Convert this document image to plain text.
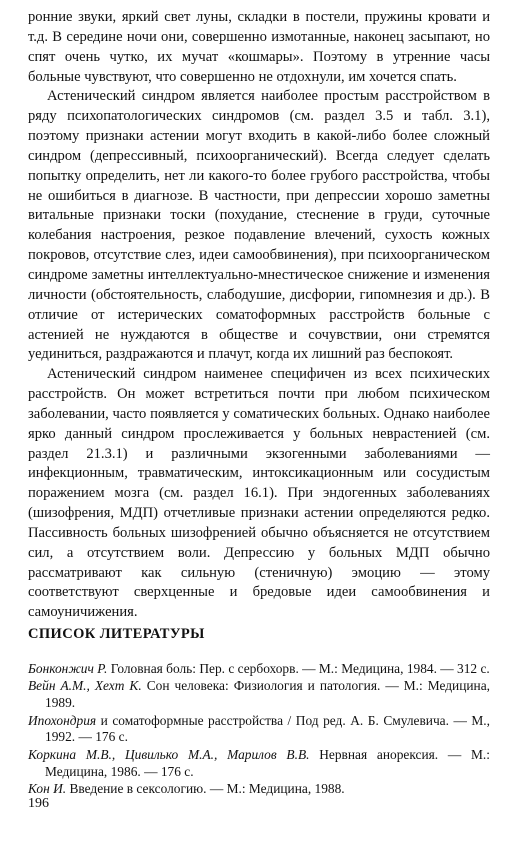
ронние звуки, яркий свет луны, складки в постели, пружины кровати и т.д. В середине ночи они, совершенно измотанные, наконец засыпают, но спят очень чутко, их мучат «кошмары». Поэтому в утренние часы больные чувствуют, что совершенно не отдохнули, им хочется спать.

Астенический синдром является наиболее простым расстройством в ряду психопатологических синдромов (см. раздел 3.5 и табл. 3.1), поэтому признаки астении могут входить в какой-либо более сложный синдром (депрессивный, психоорганический). Всегда следует сделать попытку определить, нет ли какого-то более грубого расстройства, чтобы не ошибиться в диагнозе. В частности, при депрессии хорошо заметны витальные признаки тоски (похудание, стеснение в груди, суточные колебания настроения, резкое подавление влечений, сухость кожных покровов, отсутствие слез, идеи самообвинения), при психоорганическом синдроме заметны интеллектуально-мнестическое снижение и изменения личности (обстоятельность, слабодушие, дисфории, гипомнезия и др.). В отличие от истерических соматоформных расстройств больные с астенией не нуждаются в обществе и сочувствии, они стремятся уединиться, раздражаются и плачут, когда их лишний раз беспокоят.

Астенический синдром наименее специфичен из всех психических расстройств. Он может встретиться почти при любом психическом заболевании, часто появляется у соматических больных. Однако наиболее ярко данный синдром прослеживается у больных неврастенией (см. раздел 21.3.1) и различными экзогенными заболеваниями — инфекционным, травматическим, интоксикационным или сосудистым поражением мозга (см. раздел 16.1). При эндогенных заболеваниях (шизофрения, МДП) отчетливые признаки астении определяются редко. Пассивность больных шизофренией обычно объясняется не отсутствием сил, а отсутствием воли. Депрессию у больных МДП обычно рассматривают как сильную (стеничную) эмоцию — этому соответствуют сверхценные и бредовые идеи самообвинения и самоуничижения.

СПИСОК ЛИТЕРАТУРЫ

Бонконжич Р. Головная боль: Пер. с сербохорв. — М.: Медицина, 1984. — 312 с.

Вейн А.М., Хехт К. Сон человека: Физиология и патология. — М.: Медицина, 1989.

Ипохондрия и соматоформные расстройства / Под ред. А. Б. Смулевича. — М., 1992. — 176 с.

Коркина М.В., Цивилько М.А., Марилов В.В. Нервная анорексия. — М.: Медицина, 1986. — 176 с.

Кон И. Введение в сексологию. — М.: Медицина, 1988.

196
